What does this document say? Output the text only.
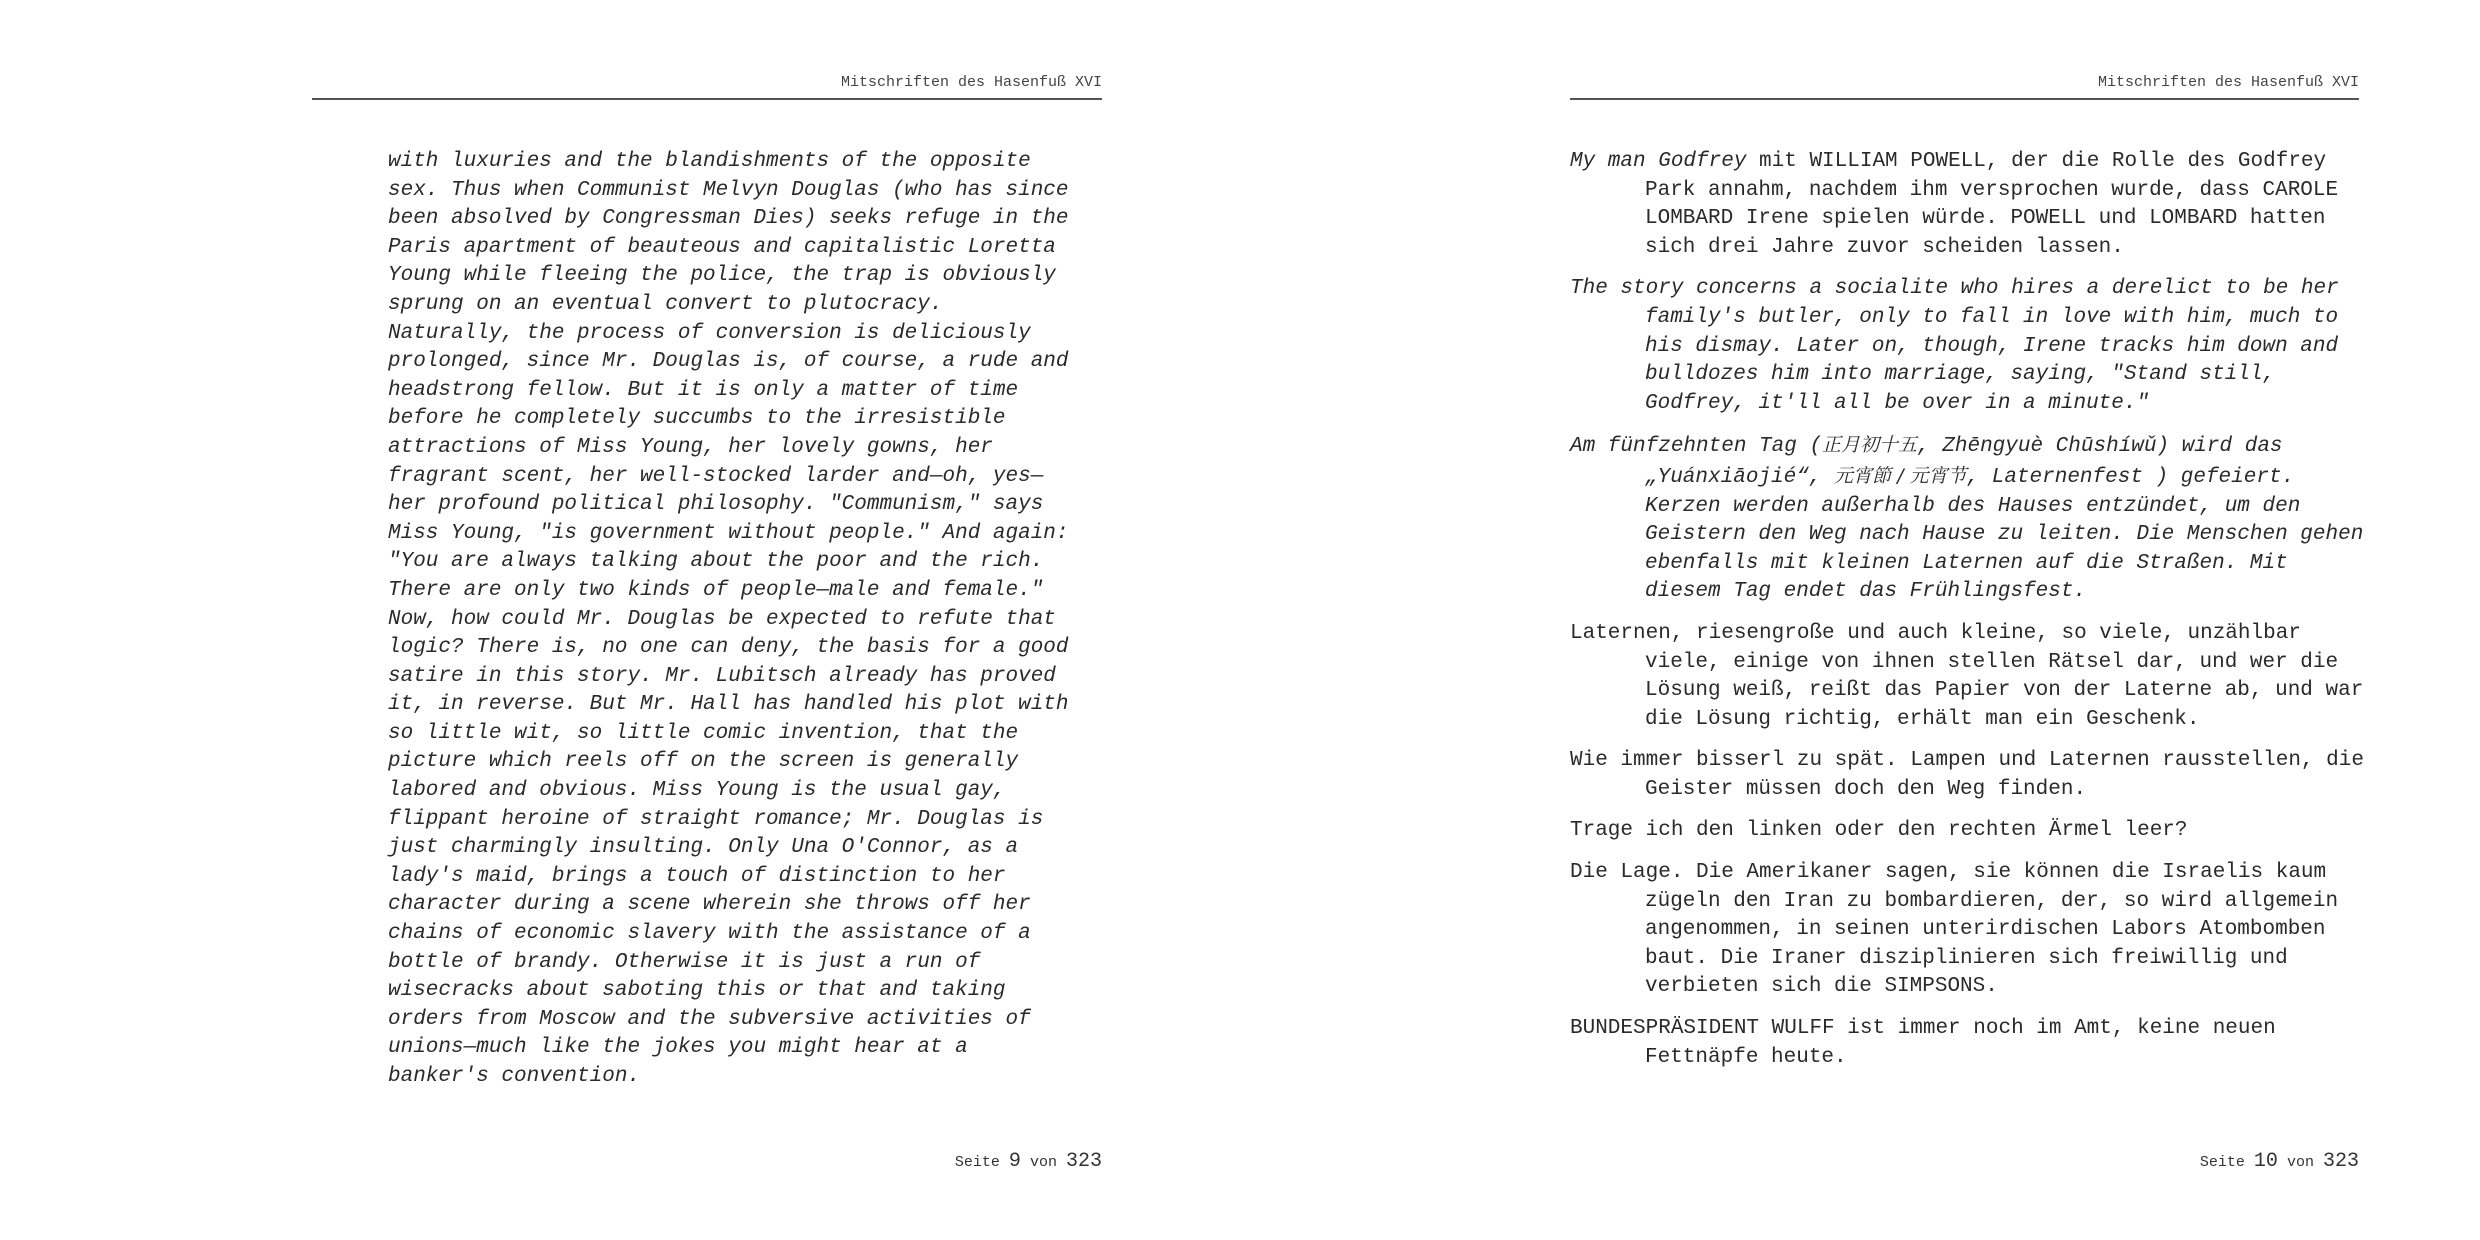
Mitschriften des Hasenfuß XVI

with luxuries and the blandishments of the opposite

sex. Thus when Communist Melvyn Douglas (who has since

been absolved by Congressman Dies) seeks refuge in the

Paris apartment of beauteous and capitalistic Loretta

Young while fleeing the police, the trap is obviously

sprung on an eventual convert to plutocracy.

Naturally, the process of conversion is deliciously

prolonged, since Mr. Douglas is, of course, a rude and

headstrong fellow. But it is only a matter of time

before he completely succumbs to the irresistible

attractions of Miss Young, her lovely gowns, her

fragrant scent, her well-stocked larder and—oh, yes—

her profound political philosophy. "Communism," says

Miss Young, "is government without people." And again:

"You are always talking about the poor and the rich.

There are only two kinds of people—male and female."

Now, how could Mr. Douglas be expected to refute that

logic? There is, no one can deny, the basis for a good

satire in this story. Mr. Lubitsch already has proved

it, in reverse. But Mr. Hall has handled his plot with

so little wit, so little comic invention, that the

picture which reels off on the screen is generally

labored and obvious. Miss Young is the usual gay,

flippant heroine of straight romance; Mr. Douglas is

just charmingly insulting. Only Una O'Connor, as a

lady's maid, brings a touch of distinction to her

character during a scene wherein she throws off her

chains of economic slavery with the assistance of a

bottle of brandy. Otherwise it is just a run of

wisecracks about saboting this or that and taking

orders from Moscow and the subversive activities of

unions—much like the jokes you might hear at a

banker's convention.

Seite 9 von 323
Mitschriften des Hasenfuß XVI

My man Godfrey mit WILLIAM POWELL, der die Rolle des Godfrey Park annahm, nachdem ihm versprochen wurde, dass CAROLE LOMBARD Irene spielen würde. POWELL und LOMBARD hatten sich drei Jahre zuvor scheiden lassen.

The story concerns a socialite who hires a derelict to be her family's butler, only to fall in love with him, much to his dismay. Later on, though, Irene tracks him down and bulldozes him into marriage, saying, "Stand still, Godfrey, it'll all be over in a minute."

Am fünfzehnten Tag (正月初十五, Zhēngyuè Chūshíwǔ) wird das „Yuánxiāojié“, 元宵節 / 元宵节, Laternenfest ) gefeiert. Kerzen werden außerhalb des Hauses entzündet, um den Geistern den Weg nach Hause zu leiten. Die Menschen gehen ebenfalls mit kleinen Laternen auf die Straßen. Mit diesem Tag endet das Frühlingsfest.

Laternen, riesengroße und auch kleine, so viele, unzählbar viele, einige von ihnen stellen Rätsel dar, und wer die Lösung weiß, reißt das Papier von der Laterne ab, und war die Lösung richtig, erhält man ein Geschenk.

Wie immer bisserl zu spät. Lampen und Laternen rausstellen, die Geister müssen doch den Weg finden.

Trage ich den linken oder den rechten Ärmel leer?

Die Lage. Die Amerikaner sagen, sie können die Israelis kaum zügeln den Iran zu bombardieren, der, so wird allgemein angenommen, in seinen unterirdischen Labors Atombomben baut. Die Iraner disziplinieren sich freiwillig und verbieten sich die SIMPSONS.

BUNDESPRÄSIDENT WULFF ist immer noch im Amt, keine neuen Fettnäpfe heute.

Seite 10 von 323
